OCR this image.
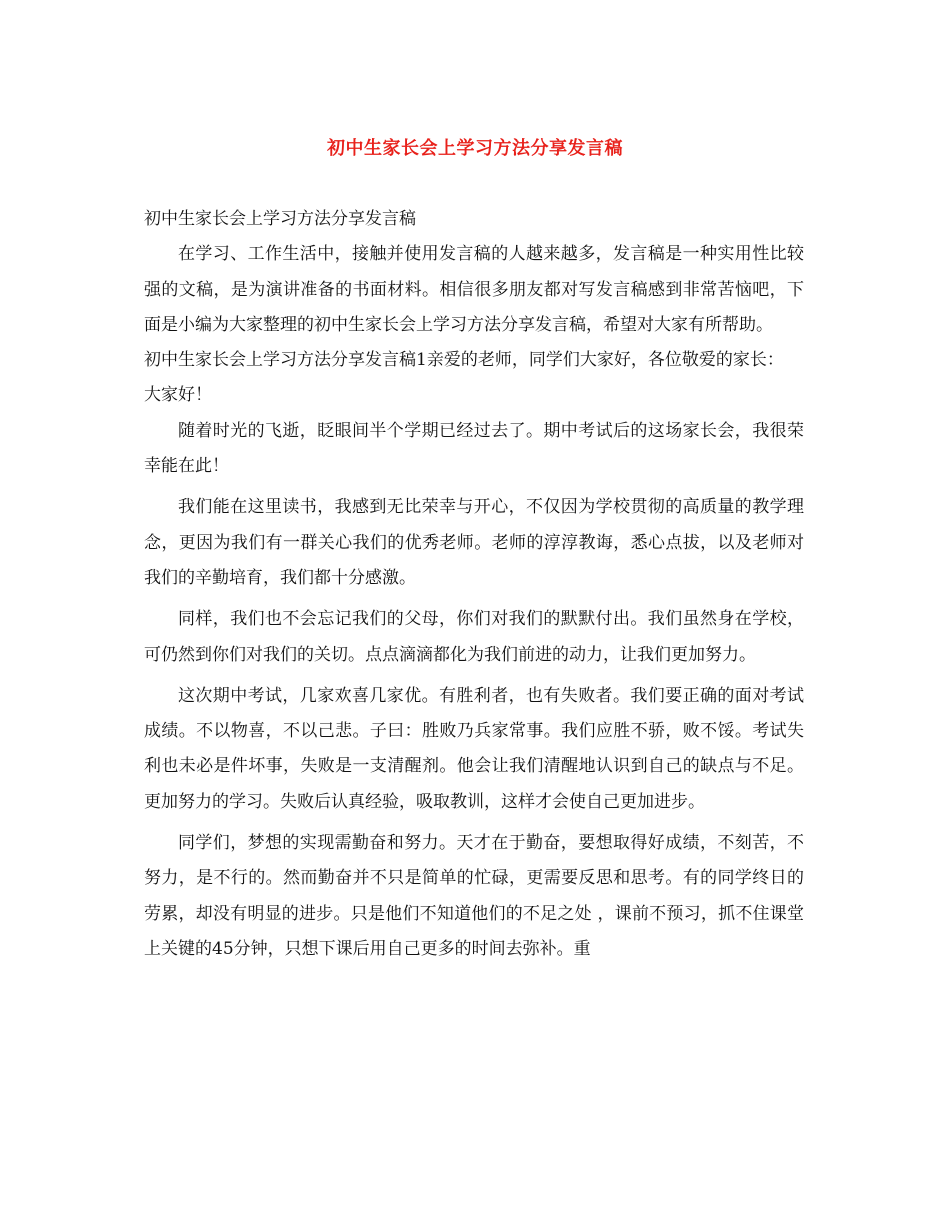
初中生家长会上学习方法分享发言稿

初中生家长会上学习方法分享发言稿

在学习、工作生活中，接触并使用发言稿的人越来越多，发言稿是一种实用性比较强的文稿，是为演讲准备的书面材料。相信很多朋友都对写发言稿感到非常苦恼吧，下面是小编为大家整理的初中生家长会上学习方法分享发言稿，希望对大家有所帮助。

初中生家长会上学习方法分享发言稿1亲爱的老师，同学们大家好，各位敬爱的家长：

大家好！

随着时光的飞逝，眨眼间半个学期已经过去了。期中考试后的这场家长会，我很荣幸能在此！

我们能在这里读书，我感到无比荣幸与开心，不仅因为学校贯彻的高质量的教学理念，更因为我们有一群关心我们的优秀老师。老师的淳淳教诲，悉心点拔，以及老师对我们的辛勤培育，我们都十分感激。

同样，我们也不会忘记我们的父母，你们对我们的默默付出。我们虽然身在学校，可仍然到你们对我们的关切。点点滴滴都化为我们前进的动力，让我们更加努力。

这次期中考试，几家欢喜几家优。有胜利者，也有失败者。我们要正确的面对考试成绩。不以物喜，不以己悲。子曰：胜败乃兵家常事。我们应胜不骄，败不馁。考试失利也未必是件坏事，失败是一支清醒剂。他会让我们清醒地认识到自己的缺点与不足。更加努力的学习。失败后认真经验，吸取教训，这样才会使自己更加进步。

同学们，梦想的实现需勤奋和努力。天才在于勤奋，要想取得好成绩，不刻苦，不努力，是不行的。然而勤奋并不只是简单的忙碌，更需要反思和思考。有的同学终日的劳累，却没有明显的进步。只是他们不知道他们的不足之处 ，课前不预习，抓不住课堂上关键的45分钟，只想下课后用自己更多的时间去弥补。重
